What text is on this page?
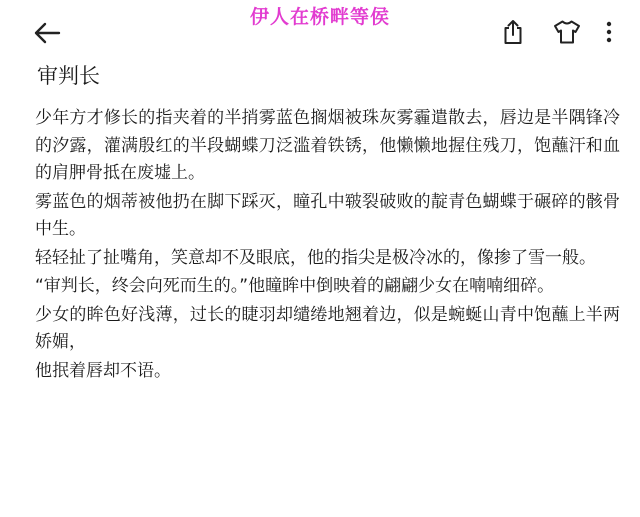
伊人在桥畔等侯
审判长

少年方才修长的指夹着的半捎雾蓝色搁烟被珠灰雾霾遣散去，唇边是半隅锋冷的汐露，灌满殷红的半段蝴蝶刀泛滥着铁锈，他懒懒地握住残刀，饱蘸汗和血的肩胛骨抵在废墟上。

雾蓝色的烟蒂被他扔在脚下踩灭，瞳孔中皲裂破败的靛青色蝴蝶于碾碎的骸骨中生。

轻轻扯了扯嘴角，笑意却不及眼底，他的指尖是极冷冰的，像掺了雪一般。

“审判长，终会向死而生的。”他瞳眸中倒映着的翩翩少女在喃喃细碎。

少女的眸色好浅薄，过长的睫羽却缱绻地翘着边，似是蜿蜒山青中饱蘸上半两娇媚，

他抿着唇却不语。
